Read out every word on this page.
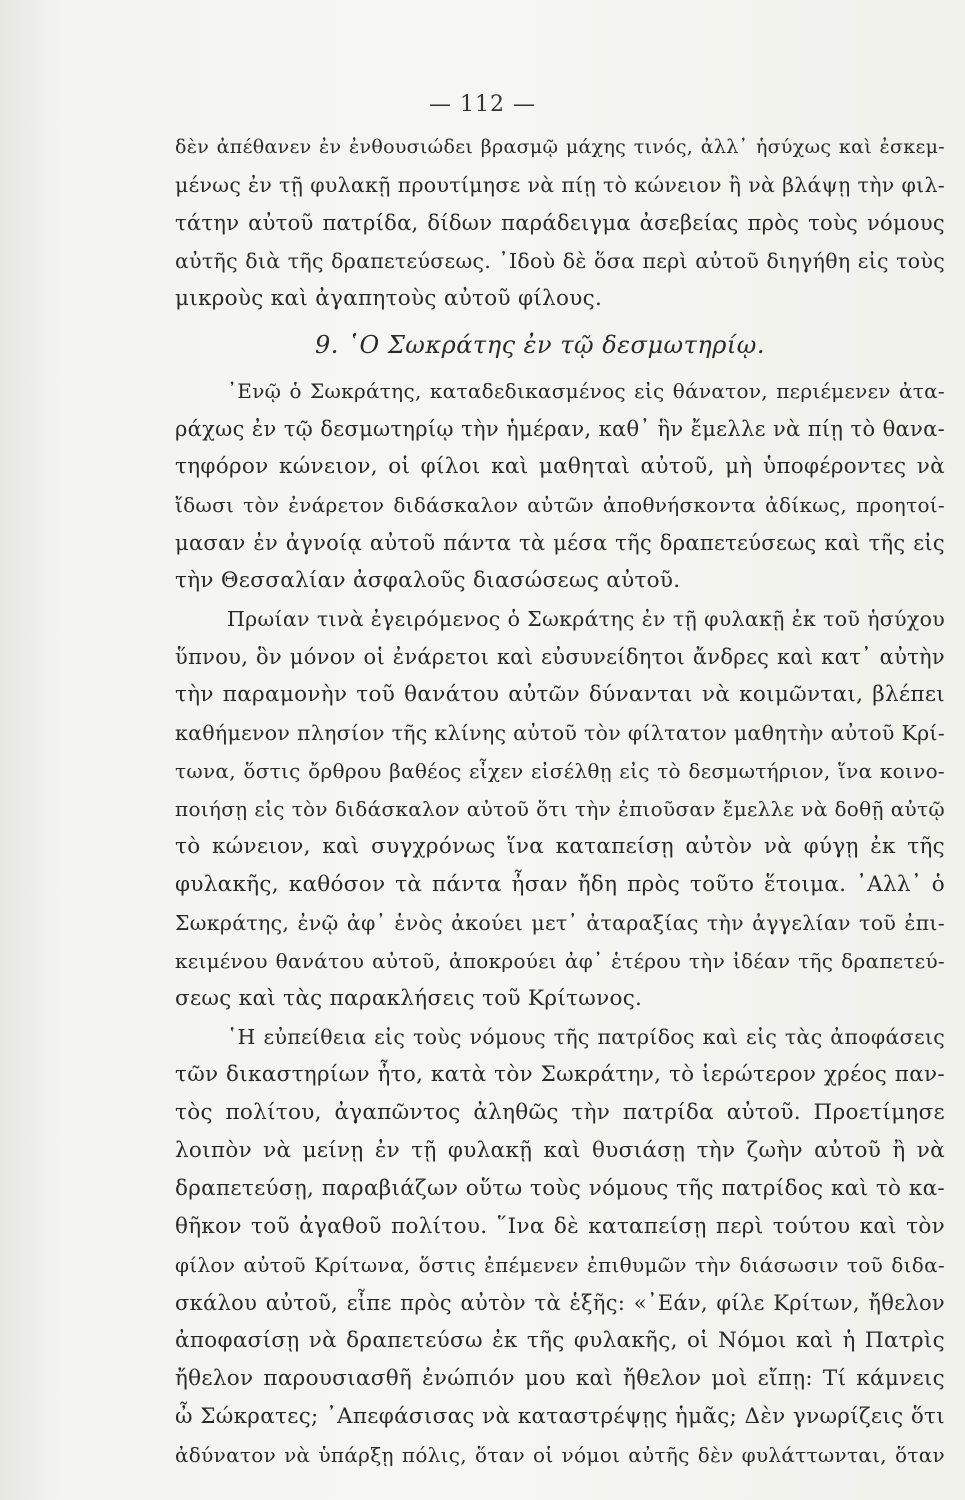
— 112 —
δὲν ἀπέθανεν ἐν ἐνθουσιώδει βρασμῷ μάχης τινός, ἀλλ᾿ ἡσύχως καὶ ἐσκεμ-
μένως ἐν τῇ φυλακῇ προυτίμησε νὰ πίῃ τὸ κώνειον ἢ νὰ βλάψῃ τὴν φιλ-
τάτην αὐτοῦ πατρίδα, δίδων παράδειγμα ἀσεβείας πρὸς τοὺς νόμους
αὐτῆς διὰ τῆς δραπετεύσεως. ᾿Ιδοὺ δὲ ὅσα περὶ αὐτοῦ διηγήθη εἰς τοὺς
μικροὺς καὶ ἀγαπητοὺς αὐτοῦ φίλους.
9. ῾Ο Σωκράτης ἐν τῷ δεσμωτηρίῳ.
᾿Ενῷ ὁ Σωκράτης, καταδεδικασμένος εἰς θάνατον, περιέμενεν ἀτα-
ράχως ἐν τῷ δεσμωτηρίῳ τὴν ἡμέραν, καθ᾿ ἣν ἔμελλε νὰ πίῃ τὸ θανα-
τηφόρον κώνειον, οἱ φίλοι καὶ μαθηταὶ αὐτοῦ, μὴ ὑποφέροντες νὰ
ἴδωσι τὸν ἐνάρετον διδάσκαλον αὐτῶν ἀποθνήσκοντα ἀδίκως, προητοί-
μασαν ἐν ἀγνοίᾳ αὐτοῦ πάντα τὰ μέσα τῆς δραπετεύσεως καὶ τῆς εἰς
τὴν Θεσσαλίαν ἀσφαλοῦς διασώσεως αὐτοῦ.
Πρωίαν τινὰ ἐγειρόμενος ὁ Σωκράτης ἐν τῇ φυλακῇ ἐκ τοῦ ἡσύχου
ὕπνου, ὃν μόνον οἱ ἐνάρετοι καὶ εὐσυνείδητοι ἄνδρες καὶ κατ᾿ αὐτὴν
τὴν παραμονὴν τοῦ θανάτου αὐτῶν δύνανται νὰ κοιμῶνται, βλέπει
καθήμενον πλησίον τῆς κλίνης αὐτοῦ τὸν φίλτατον μαθητὴν αὐτοῦ Κρί-
τωνα, ὅστις ὄρθρου βαθέος εἶχεν εἰσέλθῃ εἰς τὸ δεσμωτήριον, ἵνα κοινο-
ποιήσῃ εἰς τὸν διδάσκαλον αὐτοῦ ὅτι τὴν ἐπιοῦσαν ἔμελλε νὰ δοθῇ αὐτῷ
τὸ κώνειον, καὶ συγχρόνως ἵνα καταπείσῃ αὐτὸν νὰ φύγῃ ἐκ τῆς
φυλακῆς, καθόσον τὰ πάντα ἦσαν ἤδη πρὸς τοῦτο ἕτοιμα. ᾿Αλλ᾿ ὁ
Σωκράτης, ἐνῷ ἀφ᾿ ἑνὸς ἀκούει μετ᾿ ἀταραξίας τὴν ἀγγελίαν τοῦ ἐπι-
κειμένου θανάτου αὐτοῦ, ἀποκρούει ἀφ᾿ ἑτέρου τὴν ἰδέαν τῆς δραπετεύ-
σεως καὶ τὰς παρακλήσεις τοῦ Κρίτωνος.
῾Η εὐπείθεια εἰς τοὺς νόμους τῆς πατρίδος καὶ εἰς τὰς ἀποφάσεις
τῶν δικαστηρίων ἦτο, κατὰ τὸν Σωκράτην, τὸ ἱερώτερον χρέος παν-
τὸς πολίτου, ἀγαπῶντος ἀληθῶς τὴν πατρίδα αὐτοῦ. Προετίμησε
λοιπὸν νὰ μείνῃ ἐν τῇ φυλακῇ καὶ θυσιάσῃ τὴν ζωὴν αὐτοῦ ἢ νὰ
δραπετεύσῃ, παραβιάζων οὕτω τοὺς νόμους τῆς πατρίδος καὶ τὸ κα-
θῆκον τοῦ ἀγαθοῦ πολίτου. ῞Ινα δὲ καταπείσῃ περὶ τούτου καὶ τὸν
φίλον αὐτοῦ Κρίτωνα, ὅστις ἐπέμενεν ἐπιθυμῶν τὴν διάσωσιν τοῦ διδα-
σκάλου αὐτοῦ, εἶπε πρὸς αὐτὸν τὰ ἑξῆς: «᾿Εάν, φίλε Κρίτων, ἤθελον
ἀποφασίσῃ νὰ δραπετεύσω ἐκ τῆς φυλακῆς, οἱ Νόμοι καὶ ἡ Πατρὶς
ἤθελον παρουσιασθῆ ἐνώπιόν μου καὶ ἤθελον μοὶ εἴπῃ: Τί κάμνεις
ὦ Σώκρατες; ᾿Απεφάσισας νὰ καταστρέψῃς ἡμᾶς; Δὲν γνωρίζεις ὅτι
ἀδύνατον νὰ ὑπάρξῃ πόλις, ὅταν οἱ νόμοι αὐτῆς δὲν φυλάττωνται, ὅταν
